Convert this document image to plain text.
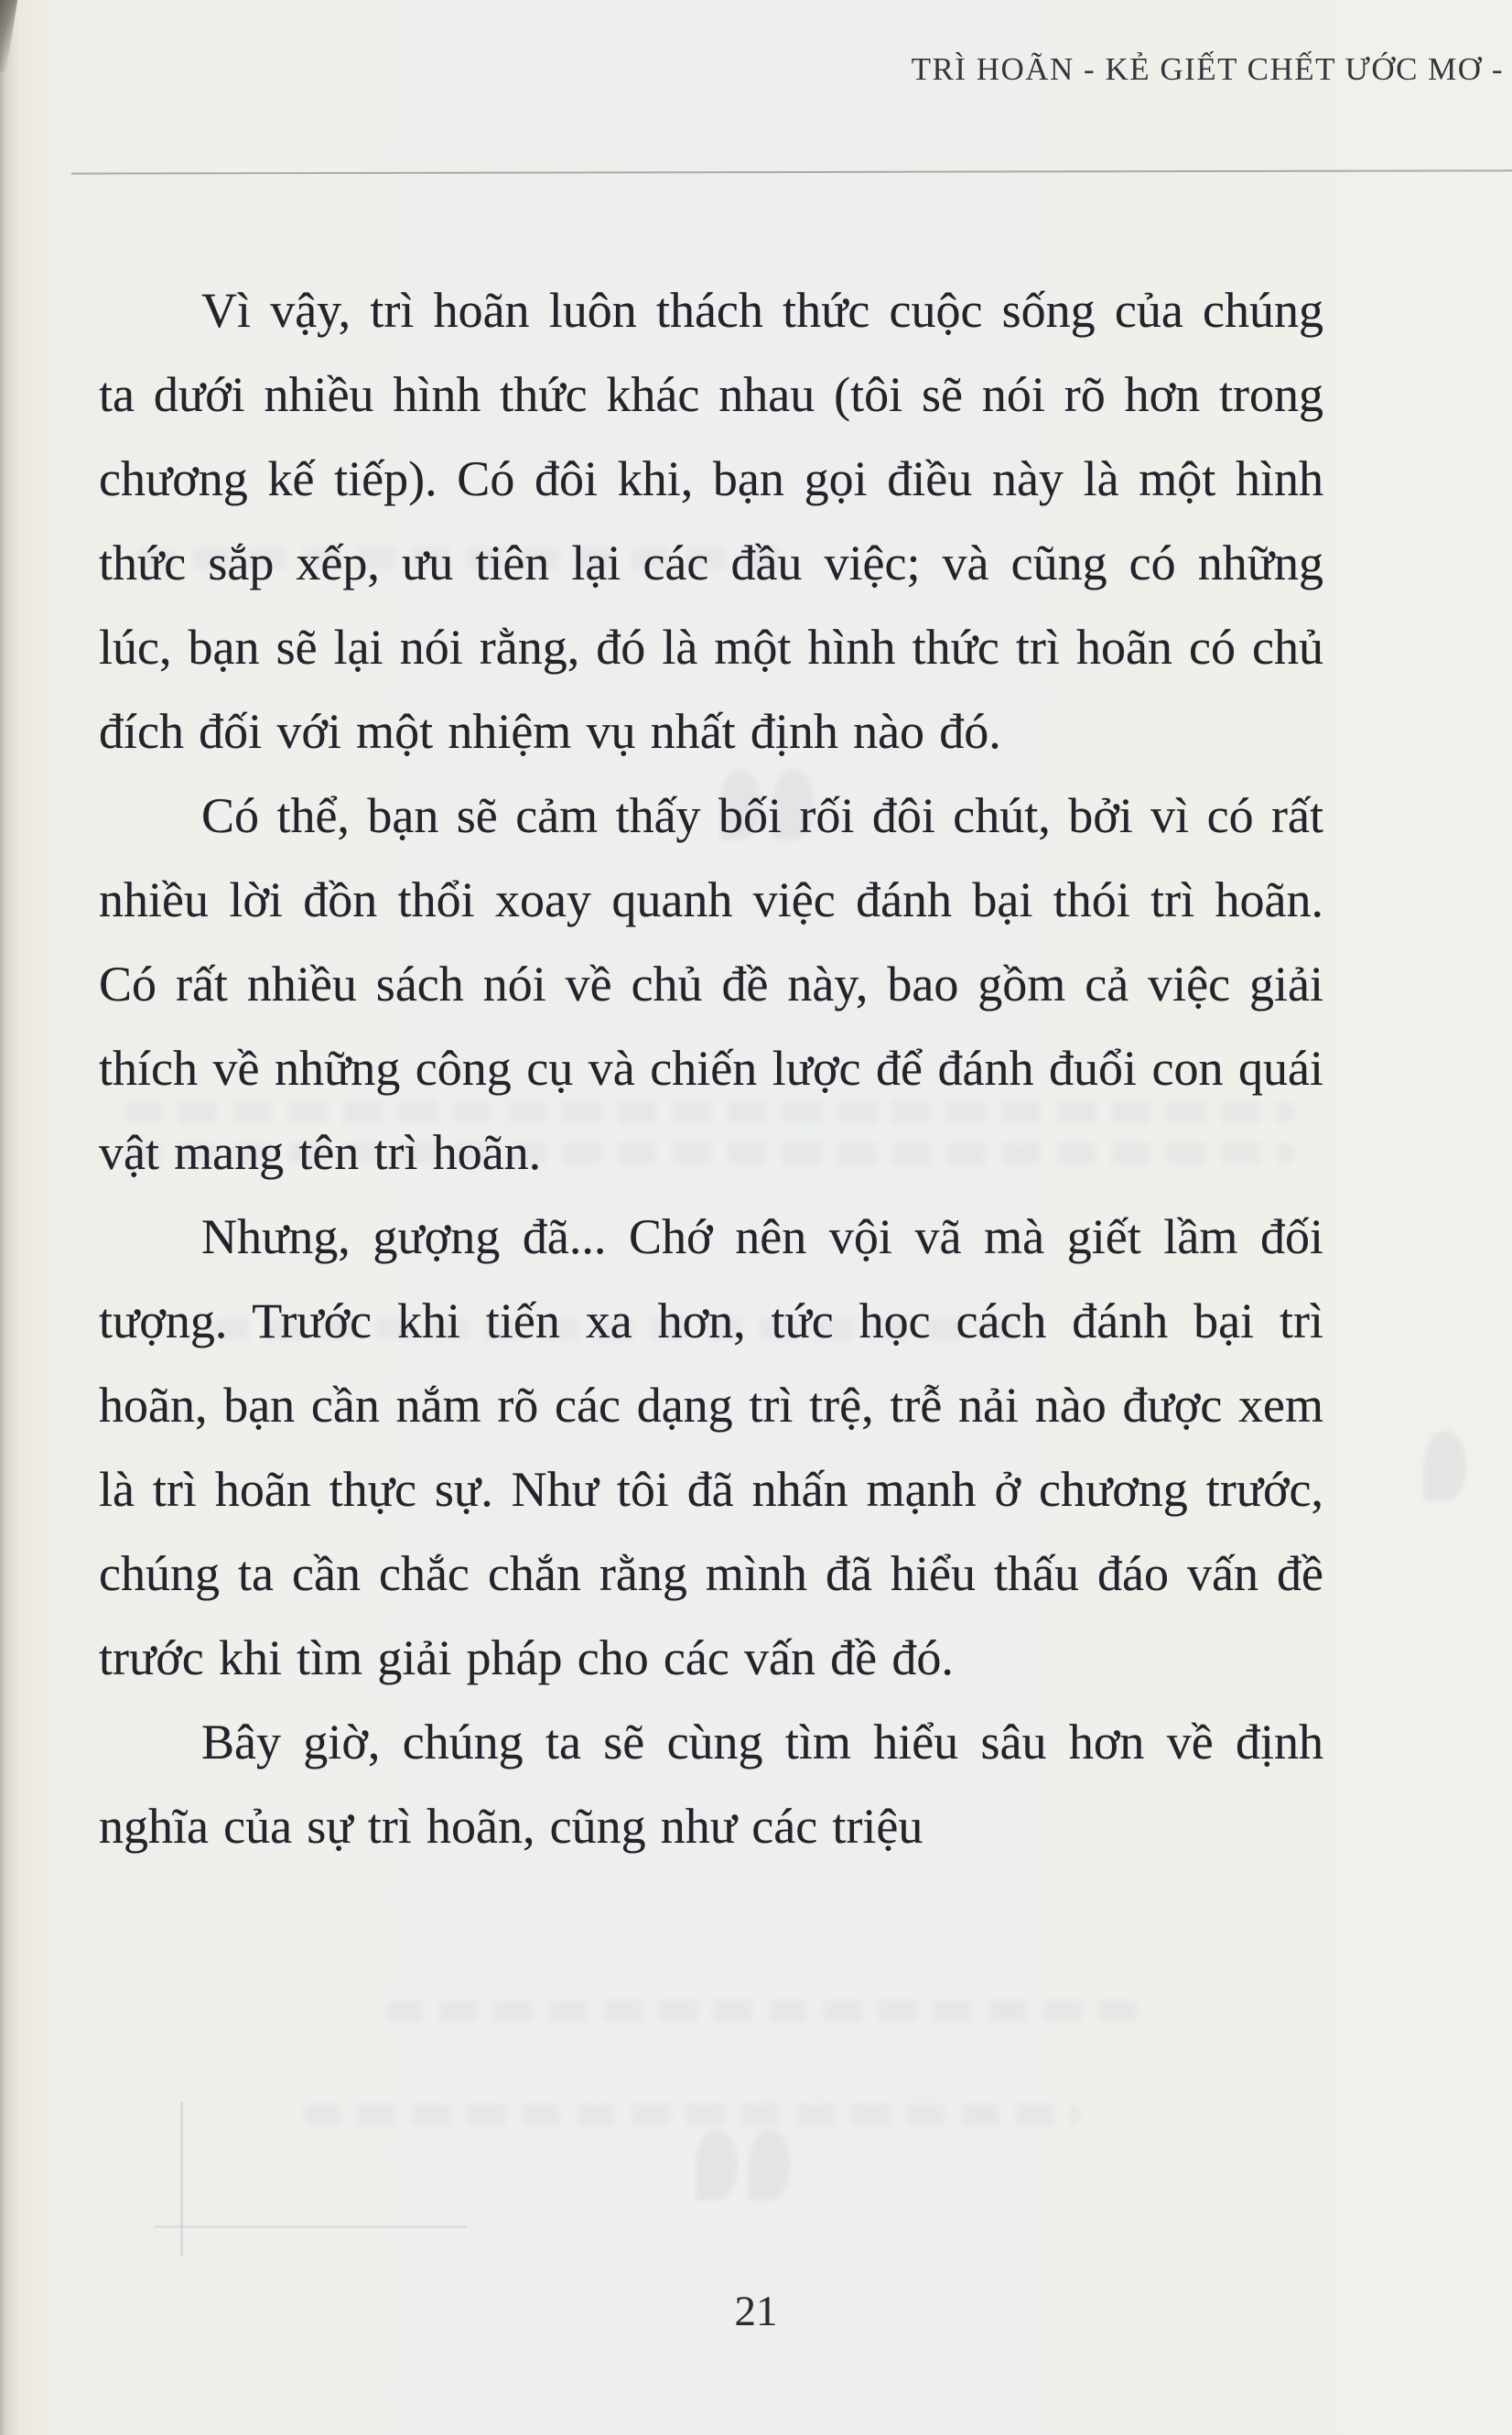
TRÌ HOÃN - KẺ GIẾT CHẾT ƯỚC MƠ -

Vì vậy, trì hoãn luôn thách thức cuộc sống của chúng ta dưới nhiều hình thức khác nhau (tôi sẽ nói rõ hơn trong chương kế tiếp). Có đôi khi, bạn gọi điều này là một hình thức sắp xếp, ưu tiên lại các đầu việc; và cũng có những lúc, bạn sẽ lại nói rằng, đó là một hình thức trì hoãn có chủ đích đối với một nhiệm vụ nhất định nào đó.

Có thể, bạn sẽ cảm thấy bối rối đôi chút, bởi vì có rất nhiều lời đồn thổi xoay quanh việc đánh bại thói trì hoãn. Có rất nhiều sách nói về chủ đề này, bao gồm cả việc giải thích về những công cụ và chiến lược để đánh đuổi con quái vật mang tên trì hoãn.

Nhưng, gượng đã... Chớ nên vội vã mà giết lầm đối tượng. Trước khi tiến xa hơn, tức học cách đánh bại trì hoãn, bạn cần nắm rõ các dạng trì trệ, trễ nải nào được xem là trì hoãn thực sự. Như tôi đã nhấn mạnh ở chương trước, chúng ta cần chắc chắn rằng mình đã hiểu thấu đáo vấn đề trước khi tìm giải pháp cho các vấn đề đó.

Bây giờ, chúng ta sẽ cùng tìm hiểu sâu hơn về định nghĩa của sự trì hoãn, cũng như các triệu

21
